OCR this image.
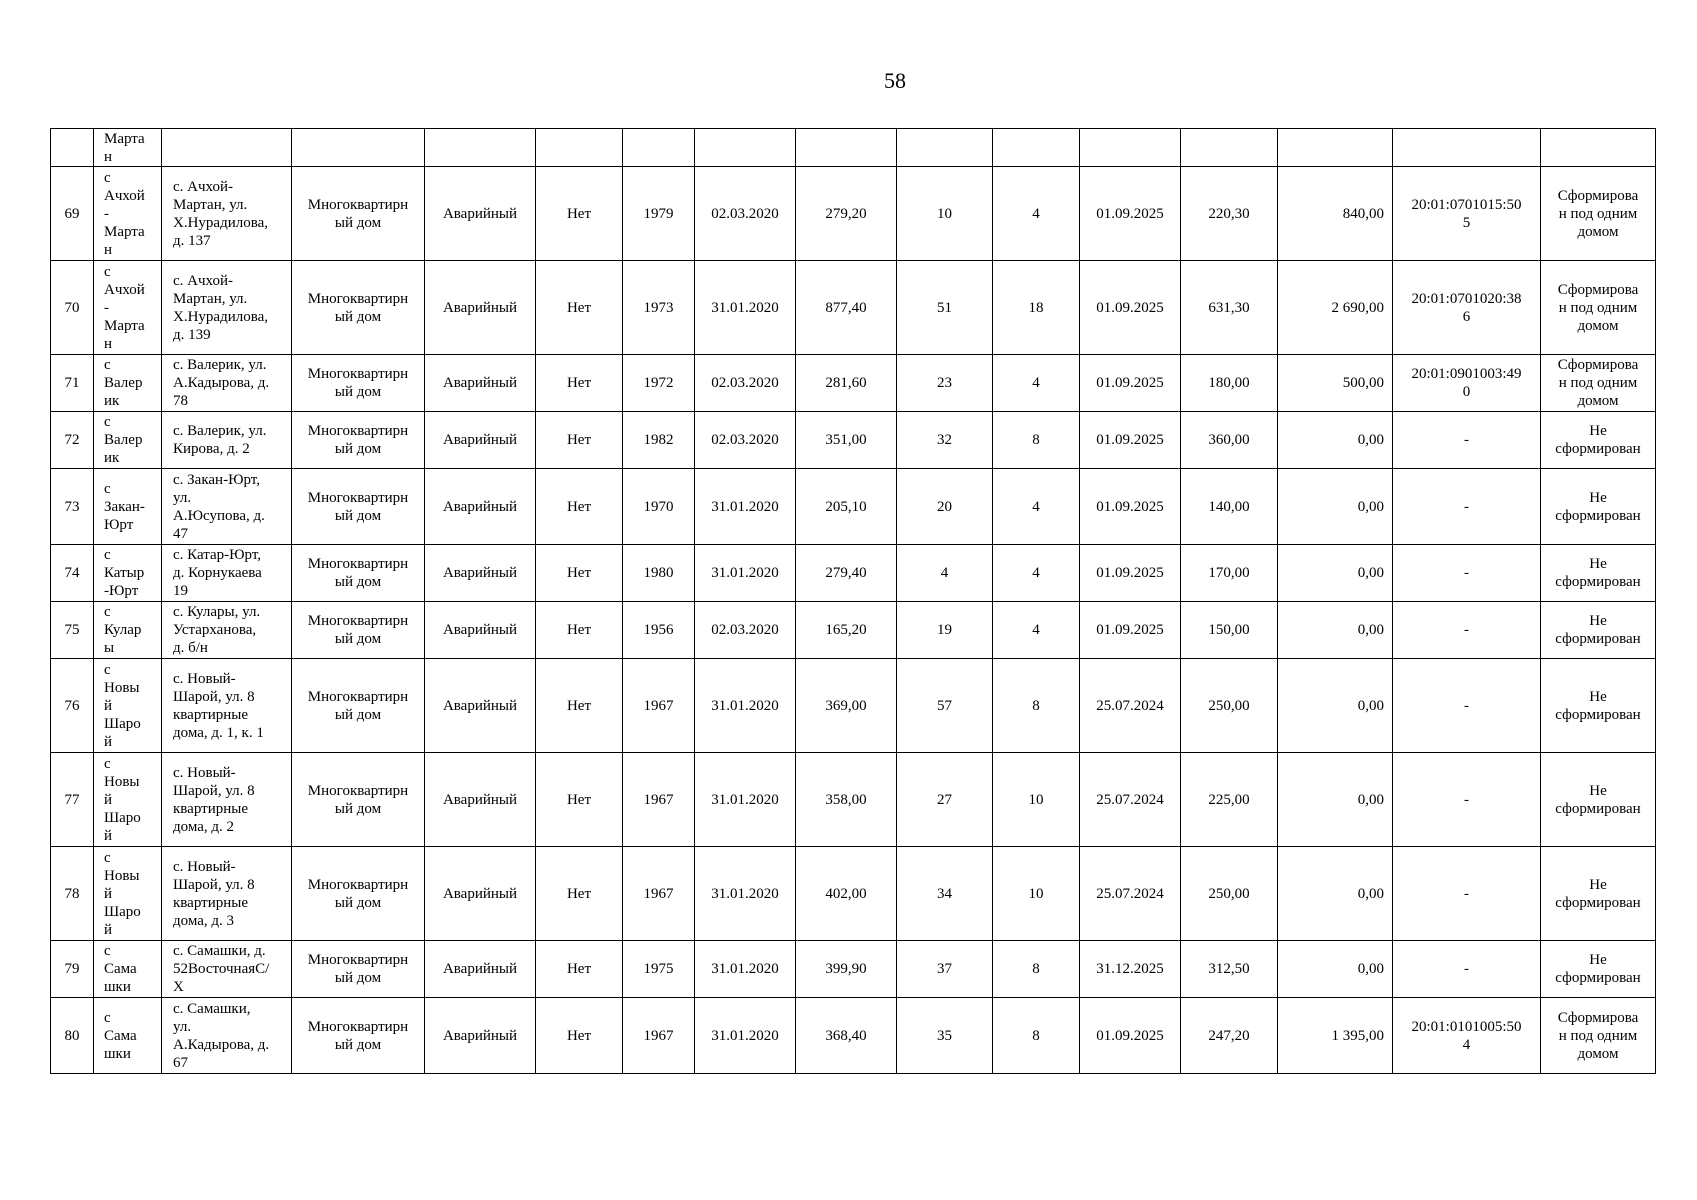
58
	Марта
н														
69	с
Ачхой
-
Марта
н	с. Ачхой-
Мартан, ул.
Х.Нурадилова,
д. 137	Многоквартирн
ый дом	Аварийный	Нет	1979	02.03.2020	279,20	10	4	01.09.2025	220,30	840,00	20:01:0701015:50
5	Сформирова
н под одним
домом
70	с
Ачхой
-
Марта
н	с. Ачхой-
Мартан, ул.
Х.Нурадилова,
д. 139	Многоквартирн
ый дом	Аварийный	Нет	1973	31.01.2020	877,40	51	18	01.09.2025	631,30	2 690,00	20:01:0701020:38
6	Сформирова
н под одним
домом
71	с
Валер
ик	с. Валерик, ул.
А.Кадырова, д.
78	Многоквартирн
ый дом	Аварийный	Нет	1972	02.03.2020	281,60	23	4	01.09.2025	180,00	500,00	20:01:0901003:49
0	Сформирова
н под одним
домом
72	с
Валер
ик	с. Валерик, ул.
Кирова, д. 2	Многоквартирн
ый дом	Аварийный	Нет	1982	02.03.2020	351,00	32	8	01.09.2025	360,00	0,00	-	Не
сформирован
73	с
Закан-
Юрт	с. Закан-Юрт,
ул.
А.Юсупова, д.
47	Многоквартирн
ый дом	Аварийный	Нет	1970	31.01.2020	205,10	20	4	01.09.2025	140,00	0,00	-	Не
сформирован
74	с
Катыр
-Юрт	с. Катар-Юрт,
д. Корнукаева
19	Многоквартирн
ый дом	Аварийный	Нет	1980	31.01.2020	279,40	4	4	01.09.2025	170,00	0,00	-	Не
сформирован
75	с
Кулар
ы	с. Кулары, ул.
Устарханова,
д. б/н	Многоквартирн
ый дом	Аварийный	Нет	1956	02.03.2020	165,20	19	4	01.09.2025	150,00	0,00	-	Не
сформирован
76	с
Новы
й
Шаро
й	с. Новый-
Шарой, ул. 8
квартирные
дома, д. 1, к. 1	Многоквартирн
ый дом	Аварийный	Нет	1967	31.01.2020	369,00	57	8	25.07.2024	250,00	0,00	-	Не
сформирован
77	с
Новы
й
Шаро
й	с. Новый-
Шарой, ул. 8
квартирные
дома, д. 2	Многоквартирн
ый дом	Аварийный	Нет	1967	31.01.2020	358,00	27	10	25.07.2024	225,00	0,00	-	Не
сформирован
78	с
Новы
й
Шаро
й	с. Новый-
Шарой, ул. 8
квартирные
дома, д. 3	Многоквартирн
ый дом	Аварийный	Нет	1967	31.01.2020	402,00	34	10	25.07.2024	250,00	0,00	-	Не
сформирован
79	с
Сама
шки	с. Самашки, д.
52ВосточнаяС/
Х	Многоквартирн
ый дом	Аварийный	Нет	1975	31.01.2020	399,90	37	8	31.12.2025	312,50	0,00	-	Не
сформирован
80	с
Сама
шки	с. Самашки,
ул.
А.Кадырова, д.
67	Многоквартирн
ый дом	Аварийный	Нет	1967	31.01.2020	368,40	35	8	01.09.2025	247,20	1 395,00	20:01:0101005:50
4	Сформирова
н под одним
домом
